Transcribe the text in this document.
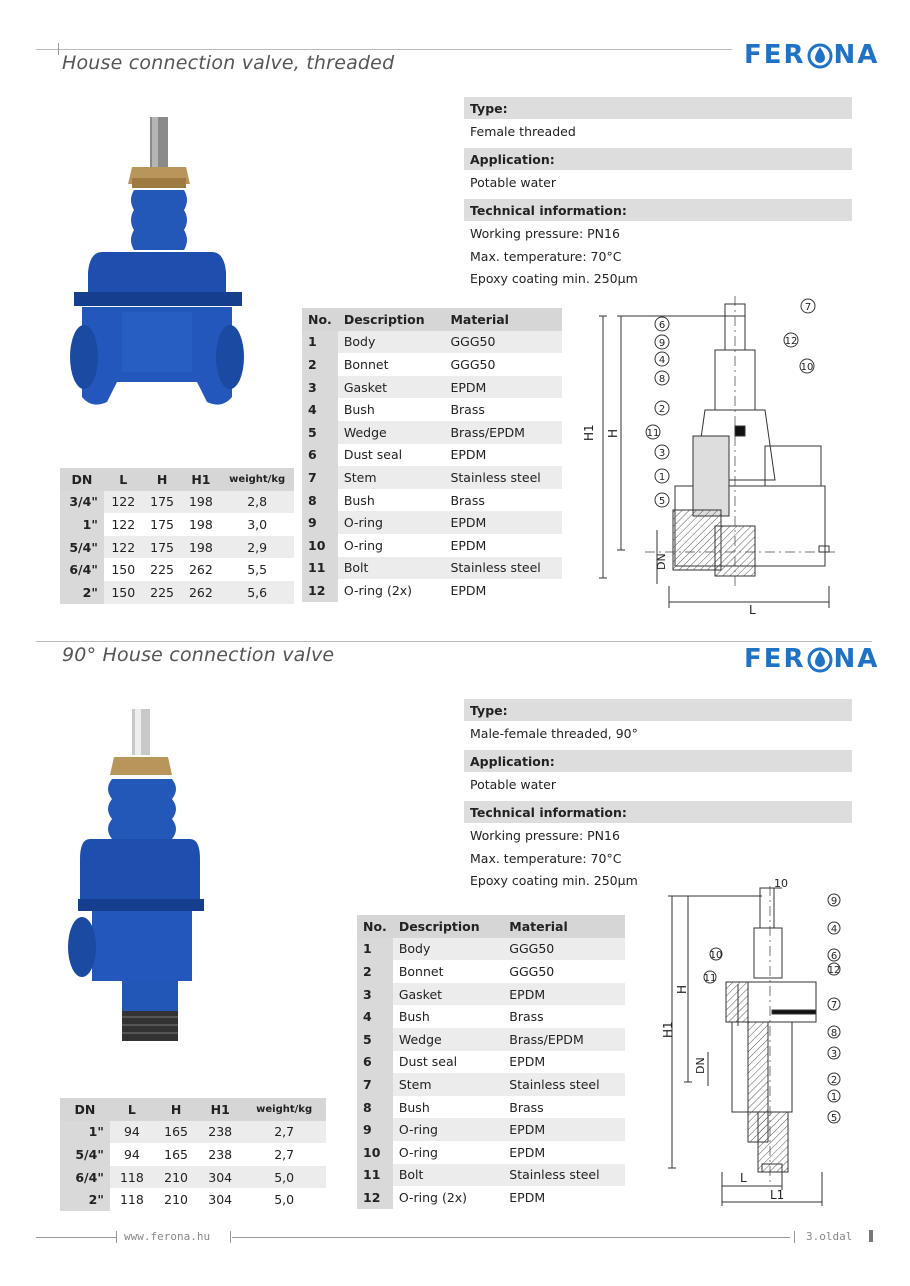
House connection valve, threaded	FER NA
Type:
Female threaded
Application:
Potable water
Technical information:
Working pressure: PN16
Max. temperature: 70°C
Epoxy coating min. 250µm
No.	Description	Material
1	Body	GGG50
2	Bonnet	GGG50
3	Gasket	EPDM
4	Bush	Brass
5	Wedge	Brass/EPDM
6	Dust seal	EPDM
7	Stem	Stainless steel
8	Bush	Brass
9	O-ring	EPDM
10	O-ring	EPDM
11	Bolt	Stainless steel
12	O-ring (2x)	EPDM
DN	L	H	H1	weight/kg
3/4"	122	175	198	2,8
1"	122	175	198	3,0
5/4"	122	175	198	2,9
6/4"	150	225	262	5,5
2"	150	225	262	5,6
H1 H
DN
L
7
6
9	12
4
10
8
2
11
3
1
5
90° House connection valve	FER NA
Type:
Male-female threaded, 90°
Application:
Potable water
Technical information:
Working pressure: PN16
Max. temperature: 70°C
Epoxy coating min. 250µm
No.	Description	Material
1	Body	GGG50
2	Bonnet	GGG50
3	Gasket	EPDM
4	Bush	Brass
5	Wedge	Brass/EPDM
6	Dust seal	EPDM
7	Stem	Stainless steel
8	Bush	Brass
9	O-ring	EPDM
10	O-ring	EPDM
11	Bolt	Stainless steel
12	O-ring (2x)	EPDM
DN	L	H	H1	weight/kg
1"	94	165	238	2,7
5/4"	94	165	238	2,7
6/4"	118	210	304	5,0
2"	118	210	304	5,0
10
H1
H
DN
L
L1
9
4
6
12
10
11
7
8
3
2
1
5
www.ferona.hu	3.oldal
